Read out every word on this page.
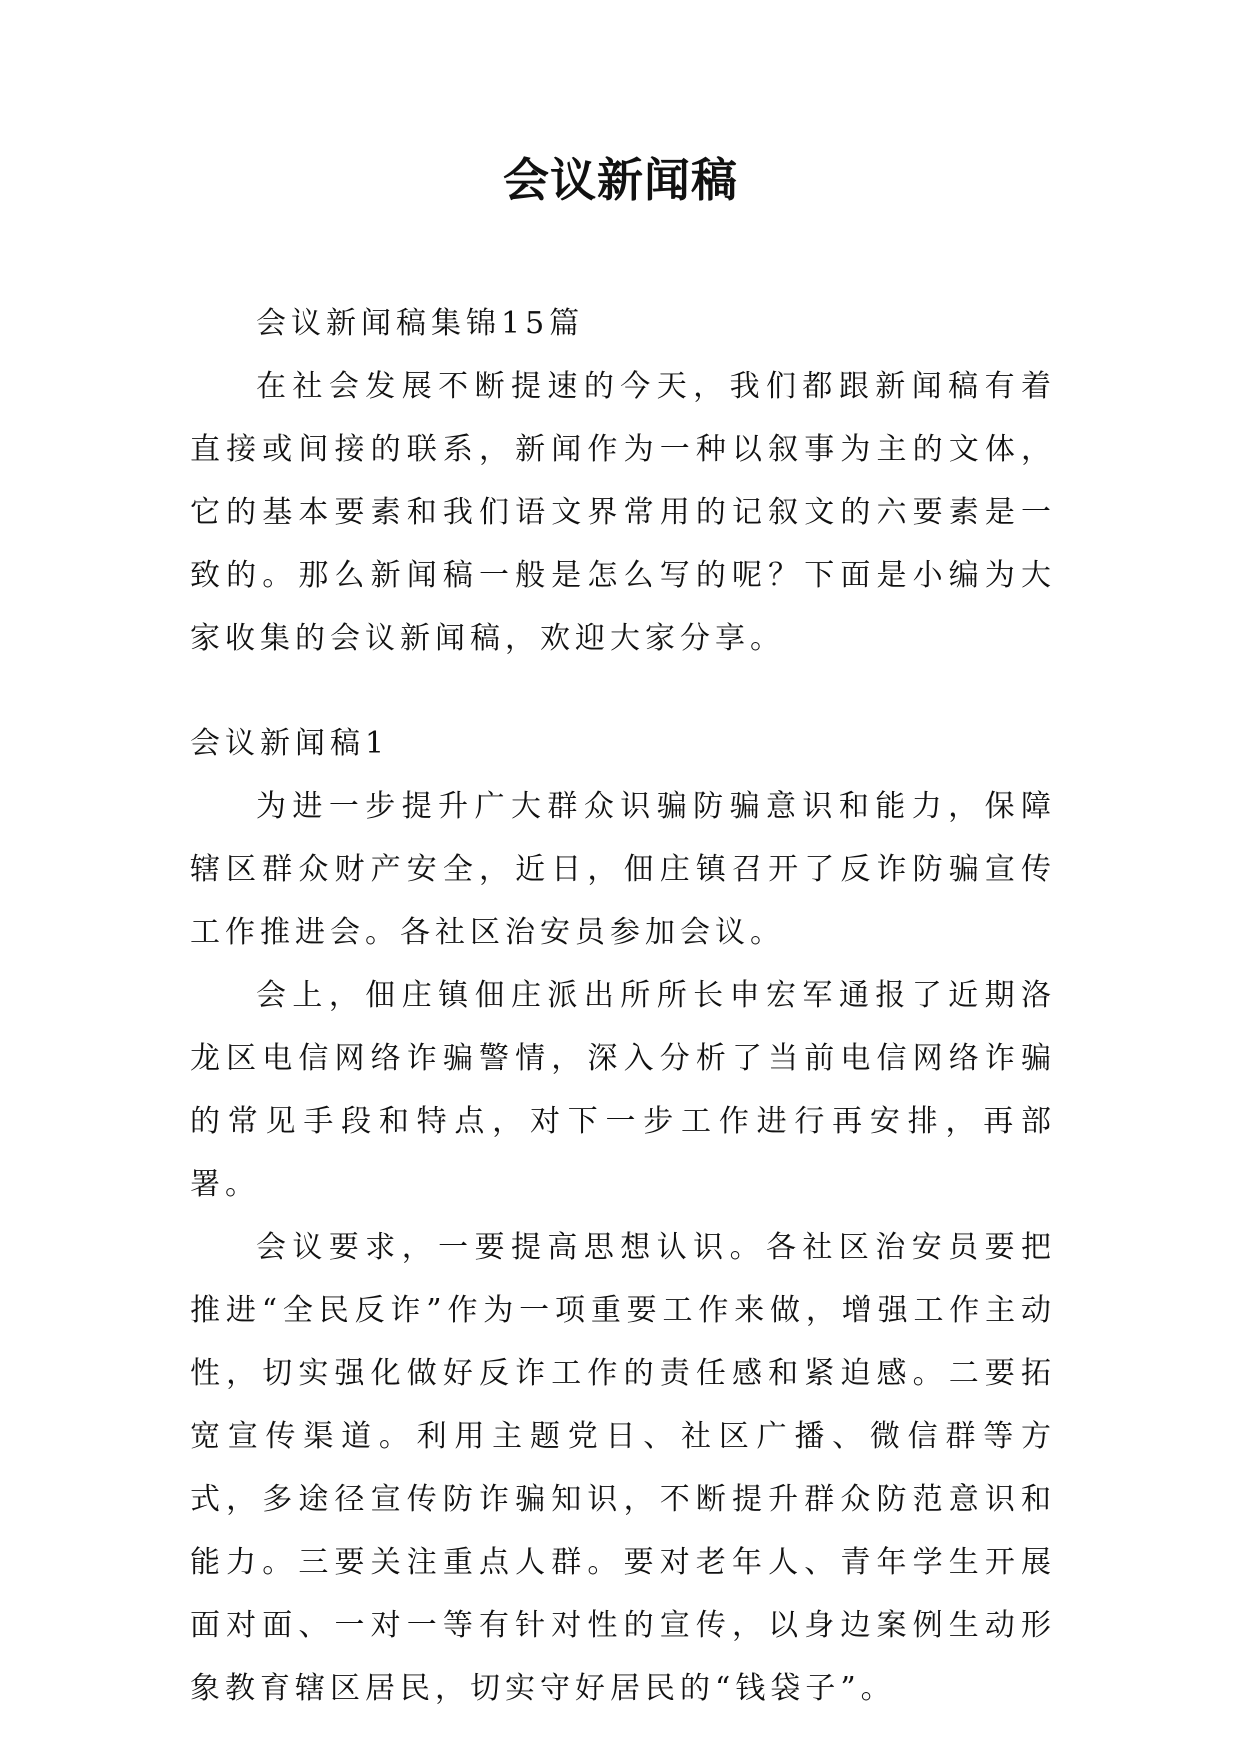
会议新闻稿

会议新闻稿集锦15篇

在社会发展不断提速的今天，我们都跟新闻稿有着直接或间接的联系，新闻作为一种以叙事为主的文体，它的基本要素和我们语文界常用的记叙文的六要素是一致的。那么新闻稿一般是怎么写的呢？下面是小编为大家收集的会议新闻稿，欢迎大家分享。

会议新闻稿1

为进一步提升广大群众识骗防骗意识和能力，保障辖区群众财产安全，近日，佃庄镇召开了反诈防骗宣传工作推进会。各社区治安员参加会议。

会上，佃庄镇佃庄派出所所长申宏军通报了近期洛龙区电信网络诈骗警情，深入分析了当前电信网络诈骗的常见手段和特点，对下一步工作进行再安排，再部署。

会议要求，一要提高思想认识。各社区治安员要把推进“全民反诈”作为一项重要工作来做，增强工作主动性，切实强化做好反诈工作的责任感和紧迫感。二要拓宽宣传渠道。利用主题党日、社区广播、微信群等方式，多途径宣传防诈骗知识，不断提升群众防范意识和能力。三要关注重点人群。要对老年人、青年学生开展面对面、一对一等有针对性的宣传，以身边案例生动形象教育辖区居民，切实守好居民的“钱袋子”。
